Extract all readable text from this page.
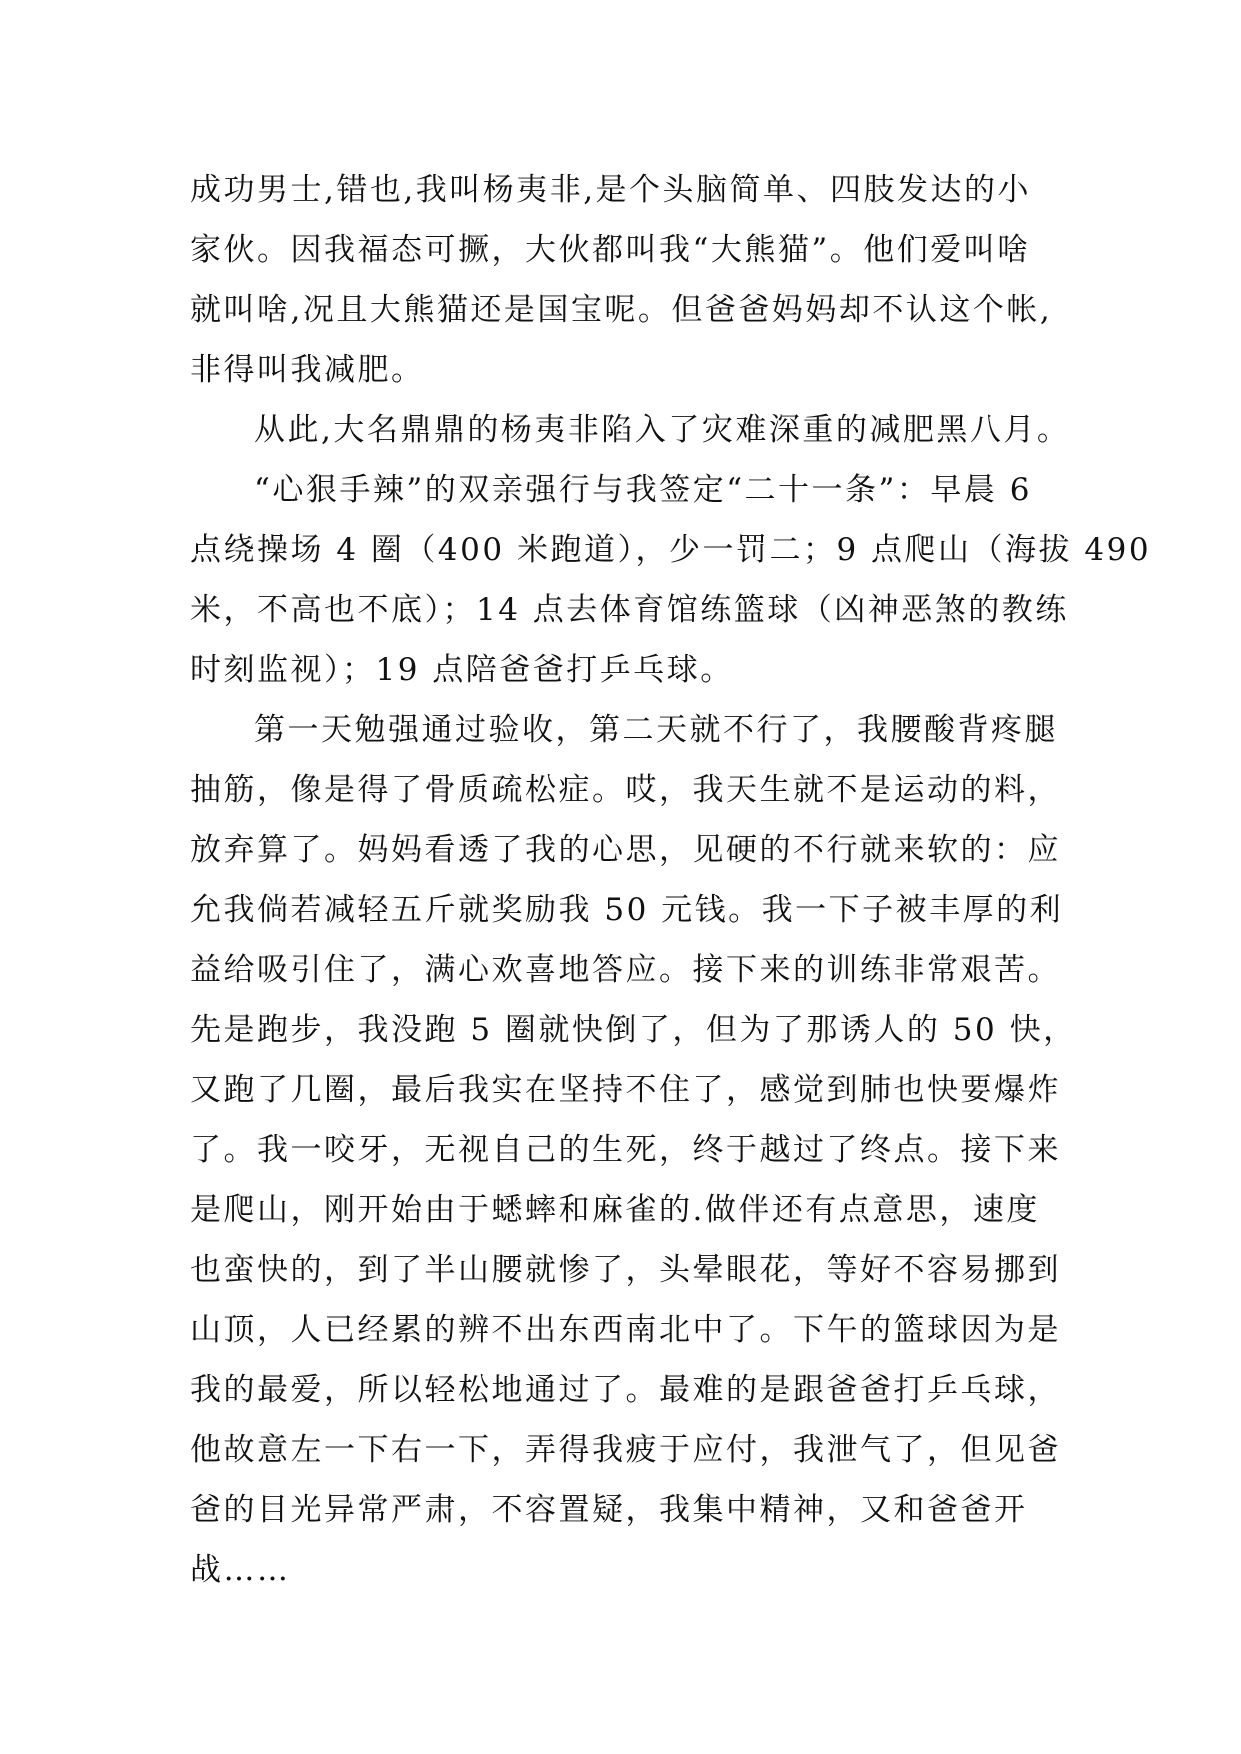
成功男士,错也,我叫杨夷非,是个头脑简单、四肢发达的小
家伙。因我福态可撅，大伙都叫我“大熊猫”。他们爱叫啥
就叫啥,况且大熊猫还是国宝呢。但爸爸妈妈却不认这个帐,
非得叫我减肥。
从此,大名鼎鼎的杨夷非陷入了灾难深重的减肥黑八月。
“心狠手辣”的双亲强行与我签定“二十一条”：早晨 6
点绕操场 4 圈（400 米跑道），少一罚二；9 点爬山（海拔 490
米，不高也不底）；14 点去体育馆练篮球（凶神恶煞的教练
时刻监视）；19 点陪爸爸打乒乓球。
第一天勉强通过验收，第二天就不行了，我腰酸背疼腿
抽筋，像是得了骨质疏松症。哎，我天生就不是运动的料，
放弃算了。妈妈看透了我的心思，见硬的不行就来软的：应
允我倘若减轻五斤就奖励我 50 元钱。我一下子被丰厚的利
益给吸引住了，满心欢喜地答应。接下来的训练非常艰苦。
先是跑步，我没跑 5 圈就快倒了，但为了那诱人的 50 快，
又跑了几圈，最后我实在坚持不住了，感觉到肺也快要爆炸
了。我一咬牙，无视自己的生死，终于越过了终点。接下来
是爬山，刚开始由于蟋蟀和麻雀的.做伴还有点意思，速度
也蛮快的，到了半山腰就惨了，头晕眼花，等好不容易挪到
山顶，人已经累的辨不出东西南北中了。下午的篮球因为是
我的最爱，所以轻松地通过了。最难的是跟爸爸打乒乓球，
他故意左一下右一下，弄得我疲于应付，我泄气了，但见爸
爸的目光异常严肃，不容置疑，我集中精神，又和爸爸开
战……
